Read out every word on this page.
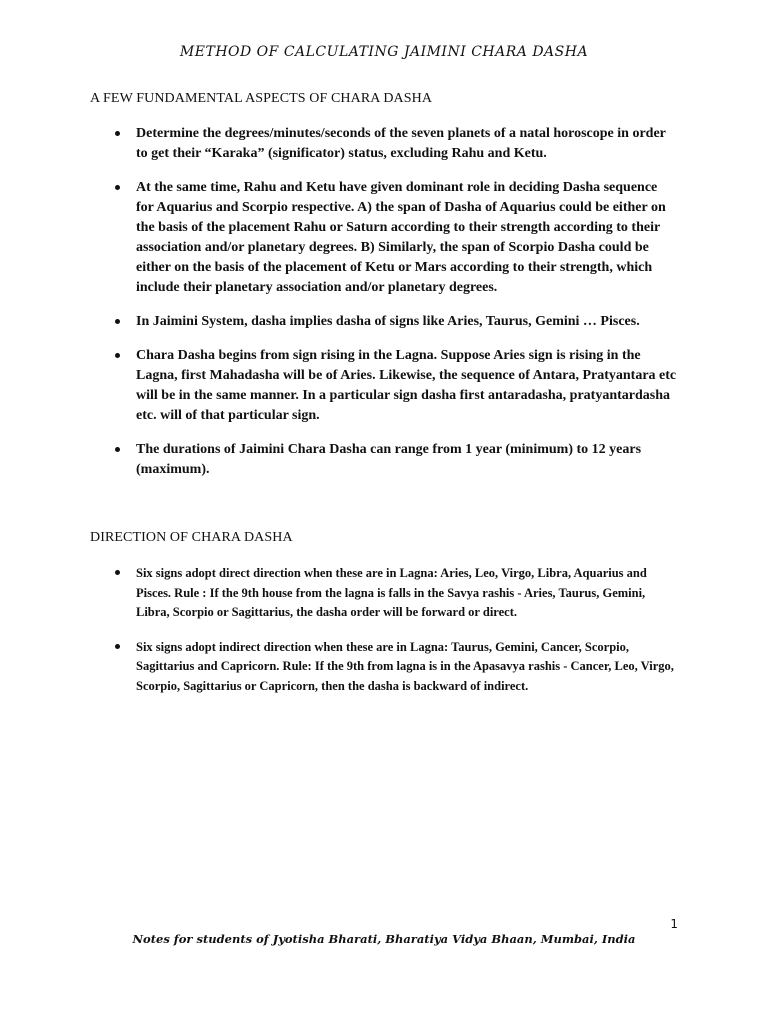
METHOD OF CALCULATING JAIMINI CHARA DASHA
A FEW FUNDAMENTAL ASPECTS OF CHARA DASHA
Determine the degrees/minutes/seconds of the seven planets of a natal horoscope in order to get their “Karaka” (significator) status, excluding Rahu and Ketu.
At the same time, Rahu and Ketu have given dominant role in deciding Dasha sequence for Aquarius and Scorpio respective. A) the span of Dasha of Aquarius could be either on the basis of the placement Rahu or Saturn according to their strength according to their association and/or planetary degrees. B) Similarly, the span of Scorpio Dasha could be either on the basis of the placement of Ketu or Mars according to their strength, which include their planetary association and/or planetary degrees.
In Jaimini System, dasha implies dasha of signs like Aries, Taurus, Gemini … Pisces.
Chara Dasha begins from sign rising in the Lagna. Suppose Aries sign is rising in the Lagna, first Mahadasha will be of Aries. Likewise, the sequence of Antara, Pratyantara etc will be in the same manner. In a particular sign dasha first antaradasha, pratyantardasha etc. will of that particular sign.
The durations of Jaimini Chara Dasha can range from 1 year (minimum) to 12 years (maximum).
DIRECTION OF CHARA DASHA
Six signs adopt direct direction when these are in Lagna: Aries, Leo, Virgo, Libra, Aquarius and Pisces. Rule : If the 9th house from the lagna is falls in the Savya rashis - Aries, Taurus, Gemini, Libra, Scorpio or Sagittarius, the dasha order will be forward or direct.
Six signs adopt indirect direction when these are in Lagna: Taurus, Gemini, Cancer, Scorpio, Sagittarius and Capricorn. Rule: If the 9th from lagna is in the Apasavya rashis - Cancer, Leo, Virgo, Scorpio, Sagittarius or Capricorn, then the dasha is backward of indirect.
1
Notes for students of Jyotisha Bharati, Bharatiya Vidya Bhaan, Mumbai, India
